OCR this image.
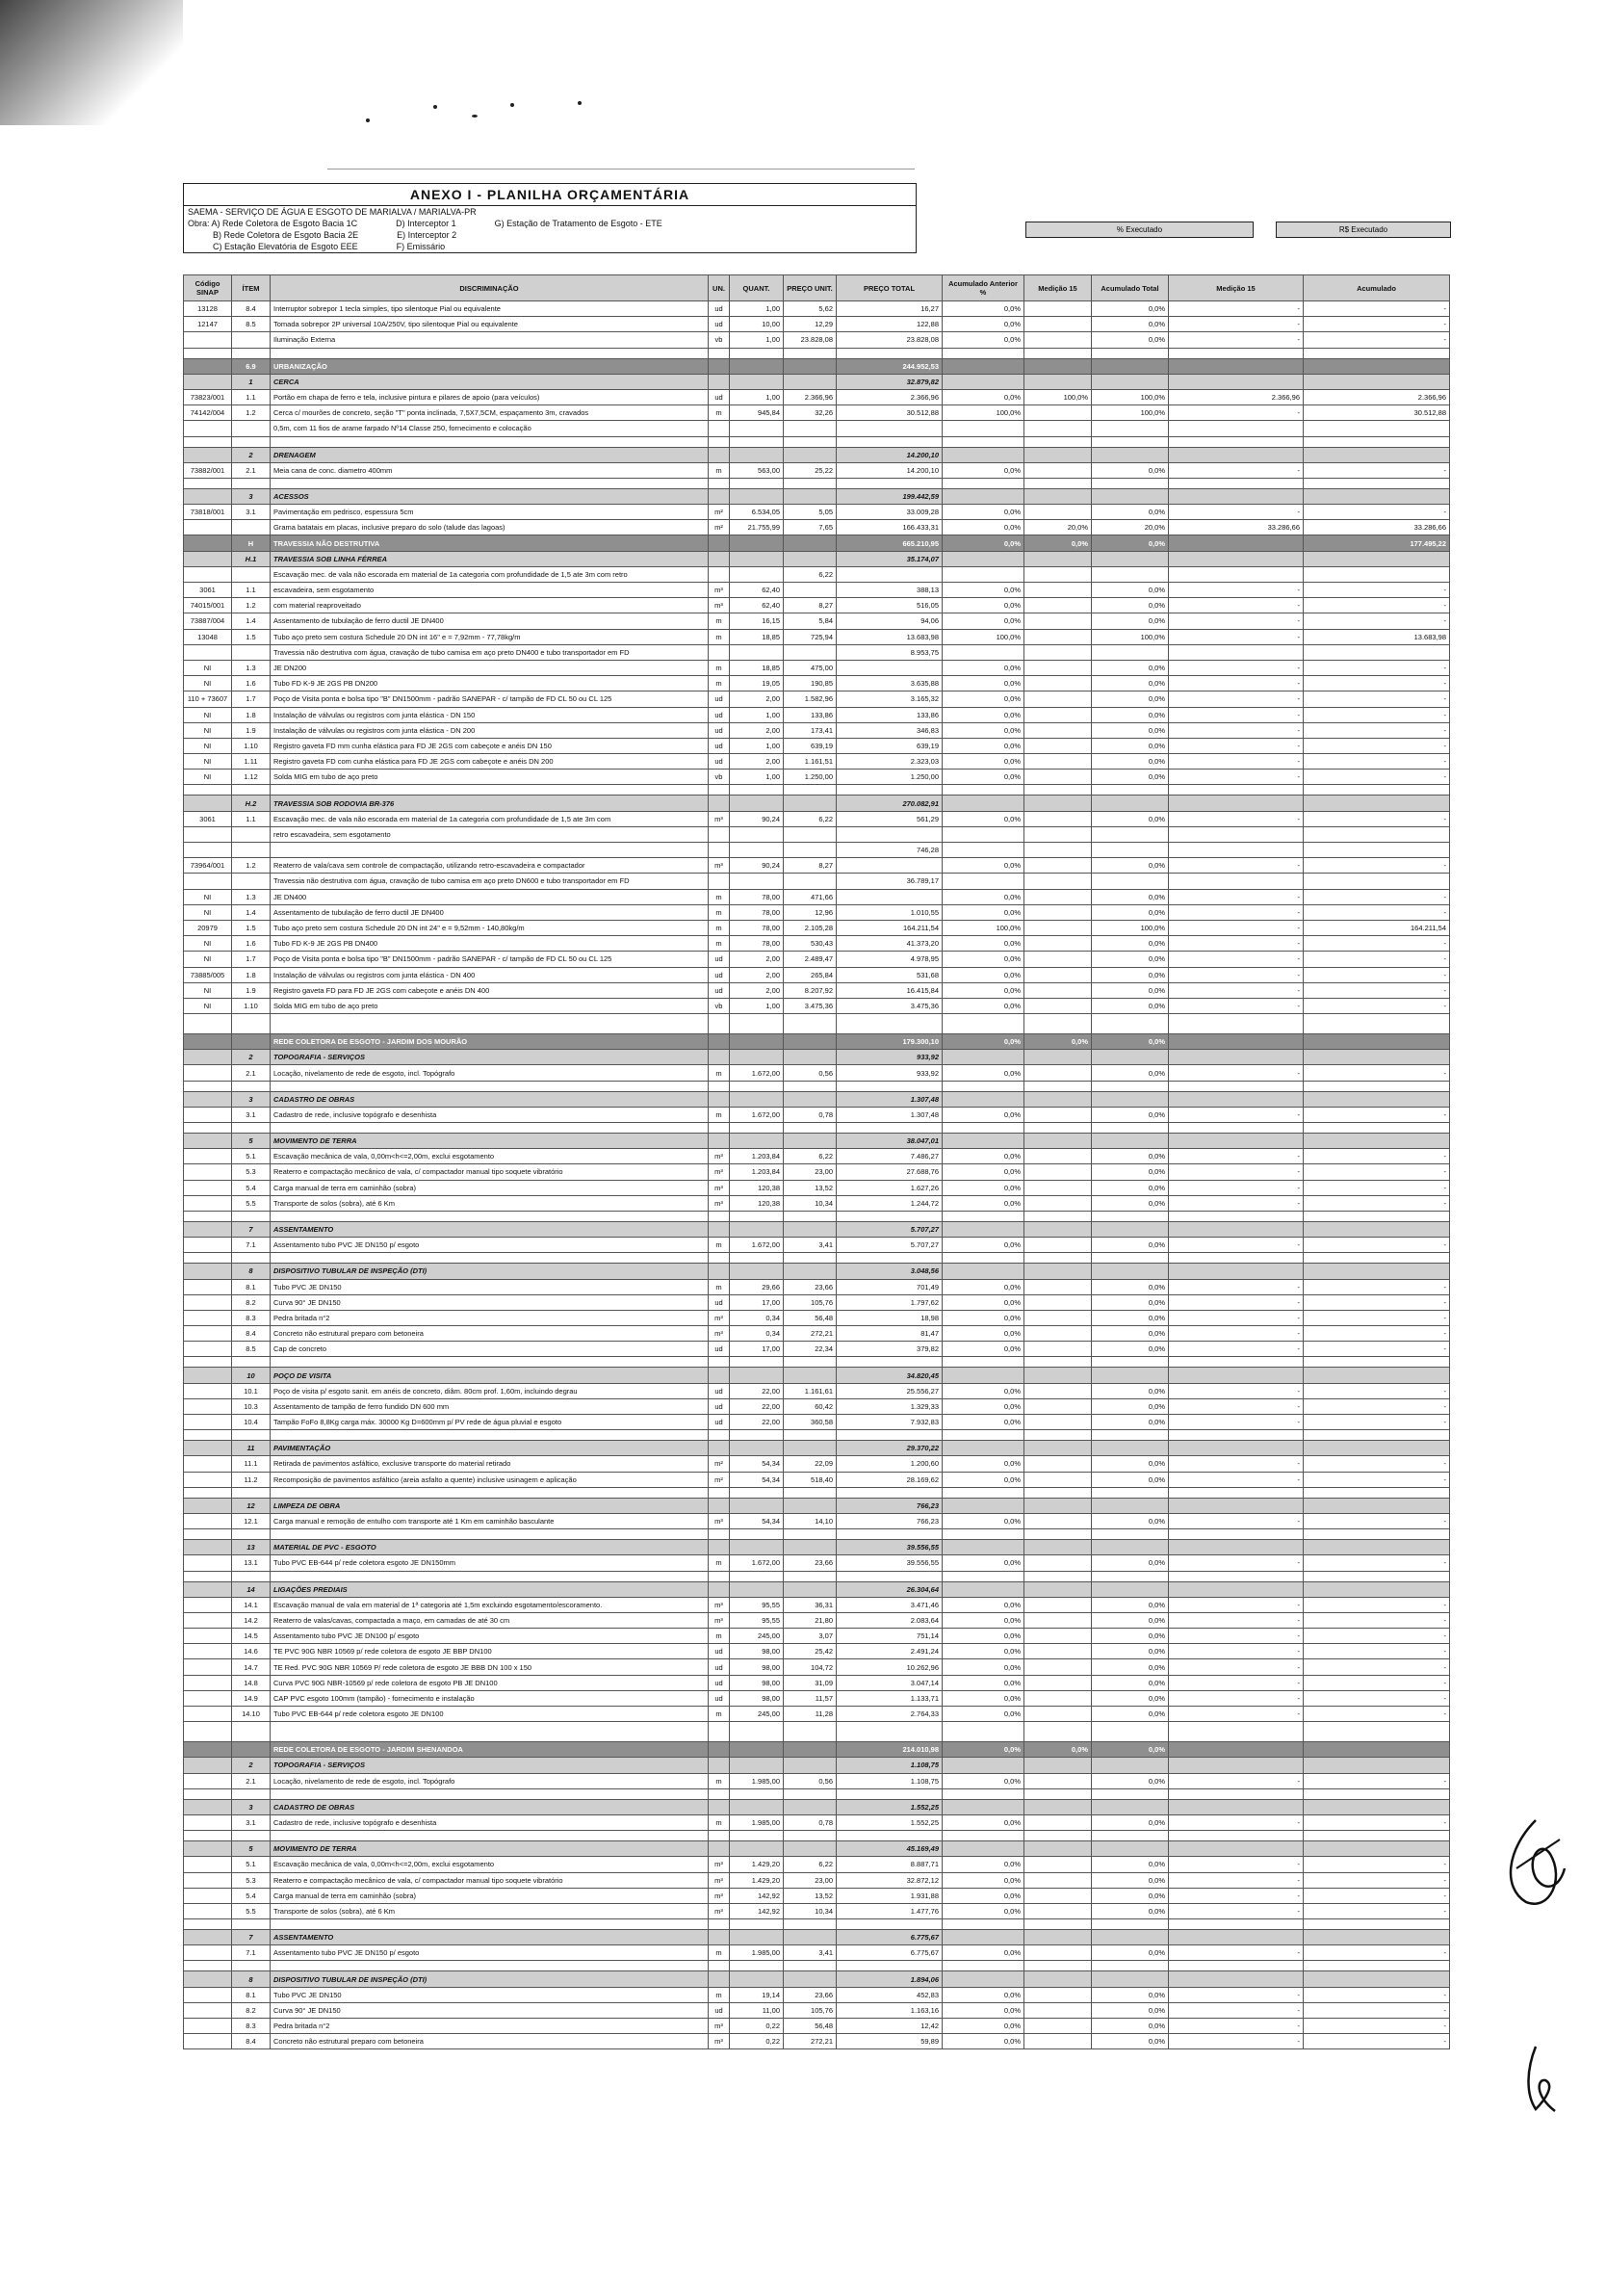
ANEXO I - PLANILHA ORÇAMENTÁRIA
SAEMA - SERVIÇO DE ÁGUA E ESGOTO DE MARIALVA / MARIALVA-PR
Obra: A) Rede Coletora de Esgoto Bacia 1C	D) Interceptor 1	G) Estação de Tratamento de Esgoto - ETE
B) Rede Coletora de Esgoto Bacia 2E	E) Interceptor 2
C) Estação Elevatória de Esgoto EEE	F) Emissário
% Executado	R$ Executado
Código SINAP	ÍTEM	DISCRIMINAÇÃO	UN.	QUANT.	PREÇO UNIT.	PREÇO TOTAL	Acumulado Anterior %	Medição 15	Acumulado Total	Medição 15	Acumulado
13128	8.4	Interruptor sobrepor 1 tecla simples, tipo silentoque Pial ou equivalente	ud	1,00	5,62	16,27	0,0%		0,0%	-	-
12147	8.5	Tomada sobrepor 2P universal 10A/250V, tipo silentoque Pial ou equivalente	ud	10,00	12,29	122,88	0,0%		0,0%	-	-
		Iluminação Externa	vb	1,00	23.828,08	23.828,08	0,0%		0,0%	-	-

	6.9	URBANIZAÇÃO				244.952,53					
	1	CERCA				32.879,82					
73823/001	1.1	Portão em chapa de ferro e tela, inclusive pintura e pilares de apoio (para veículos)	ud	1,00	2.366,96	2.366,96	0,0%	100,0%	100,0%	2.366,96	2.366,96
74142/004	1.2	Cerca c/ mourões de concreto, seção "T" ponta inclinada, 7,5X7,5CM, espaçamento 3m, cravados	m	945,84	32,26	30.512,88	100,0%		100,0%	-	30.512,88
		0,5m, com 11 fios de arame farpado Nº14 Classe 250, fornecimento e colocação									

	2	DRENAGEM				14.200,10					
73882/001	2.1	Meia cana de conc. diametro 400mm	m	563,00	25,22	14.200,10	0,0%		0,0%	-	-

	3	ACESSOS				199.442,59					
73818/001	3.1	Pavimentação em pedrisco, espessura 5cm	m²	6.534,05	5,05	33.009,28	0,0%		0,0%	-	-
		Grama batatais em placas, inclusive preparo do solo (talude das lagoas)	m²	21.755,99	7,65	166.433,31	0,0%	20,0%	20,0%	33.286,66	33.286,66
	H	TRAVESSIA NÃO DESTRUTIVA				665.210,95	0,0%	0,0%	0,0%		177.495,22
	H.1	TRAVESSIA SOB LINHA FÉRREA				35.174,07					
		Escavação mec. de vala não escorada em material de 1a categoria com profundidade de 1,5 ate 3m com retro			6,22						
3061	1.1	escavadeira, sem esgotamento	m³	62,40		388,13	0,0%		0,0%	-	-
74015/001	1.2	com material reaproveitado	m³	62,40	8,27	516,05	0,0%		0,0%	-	-
73887/004	1.4	Assentamento de tubulação de ferro ductil JE DN400	m	16,15	5,84	94,06	0,0%		0,0%	-	-
13048	1.5	Tubo aço preto sem costura Schedule 20 DN int 16" e = 7,92mm - 77,78kg/m	m	18,85	725,94	13.683,98	100,0%		100,0%	-	13.683,98
		Travessia não destrutiva com água, cravação de tubo camisa em aço preto DN400 e tubo transportador em FD				8.953,75					
NI	1.3	JE DN200	m	18,85	475,00		0,0%		0,0%	-	-
NI	1.6	Tubo FD K-9 JE 2GS PB DN200	m	19,05	190,85	3.635,88	0,0%		0,0%	-	-
110 + 73607	1.7	Poço de Visita ponta e bolsa tipo "B" DN1500mm - padrão SANEPAR - c/ tampão de FD CL 50 ou CL 125	ud	2,00	1.582,96	3.165,32	0,0%		0,0%	-	-
NI	1.8	Instalação de válvulas ou registros com junta elástica - DN 150	ud	1,00	133,86	133,86	0,0%		0,0%	-	-
NI	1.9	Instalação de válvulas ou registros com junta elástica - DN 200	ud	2,00	173,41	346,83	0,0%		0,0%	-	-
NI	1.10	Registro gaveta FD mm cunha elástica para FD JE 2GS com cabeçote e anéis DN 150	ud	1,00	639,19	639,19	0,0%		0,0%	-	-
NI	1.11	Registro gaveta FD com cunha elástica para FD JE 2GS com cabeçote e anéis DN 200	ud	2,00	1.161,51	2.323,03	0,0%		0,0%	-	-
NI	1.12	Solda MIG em tubo de aço preto	vb	1,00	1.250,00	1.250,00	0,0%		0,0%	-	-

	H.2	TRAVESSIA SOB RODOVIA BR-376				270.082,91					
3061	1.1	Escavação mec. de vala não escorada em material de 1a categoria com profundidade de 1,5 ate 3m com	m³	90,24	6,22	561,29	0,0%		0,0%	-	-
		retro escavadeira, sem esgotamento									
						746,28					
73964/001	1.2	Reaterro de vala/cava sem controle de compactação, utilizando retro-escavadeira e compactador	m³	90,24	8,27		0,0%		0,0%	-	-
		Travessia não destrutiva com água, cravação de tubo camisa em aço preto DN600 e tubo transportador em FD				36.789,17					
NI	1.3	JE DN400	m	78,00	471,66		0,0%		0,0%	-	-
NI	1.4	Assentamento de tubulação de ferro ductil JE DN400	m	78,00	12,96	1.010,55	0,0%		0,0%	-	-
20979	1.5	Tubo aço preto sem costura Schedule 20 DN int 24" e = 9,52mm - 140,80kg/m	m	78,00	2.105,28	164.211,54	100,0%		100,0%	-	164.211,54
NI	1.6	Tubo FD K-9 JE 2GS PB DN400	m	78,00	530,43	41.373,20	0,0%		0,0%	-	-
NI	1.7	Poço de Visita ponta e bolsa tipo "B" DN1500mm - padrão SANEPAR - c/ tampão de FD CL 50 ou CL 125	ud	2,00	2.489,47	4.978,95	0,0%		0,0%	-	-
73885/005	1.8	Instalação de válvulas ou registros com junta elástica - DN 400	ud	2,00	265,84	531,68	0,0%		0,0%	-	-
NI	1.9	Registro gaveta FD para FD JE 2GS com cabeçote e anéis DN 400	ud	2,00	8.207,92	16.415,84	0,0%		0,0%	-	-
NI	1.10	Solda MIG em tubo de aço preto	vb	1,00	3.475,36	3.475,36	0,0%		0,0%	-	-

		REDE COLETORA DE ESGOTO - JARDIM DOS MOURÃO				179.300,10	0,0%	0,0%	0,0%		
	2	TOPOGRAFIA - SERVIÇOS				933,92					
	2.1	Locação, nivelamento de rede de esgoto, incl. Topógrafo	m	1.672,00	0,56	933,92	0,0%		0,0%	-	-

	3	CADASTRO DE OBRAS				1.307,48					
	3.1	Cadastro de rede, inclusive topógrafo e desenhista	m	1.672,00	0,78	1.307,48	0,0%		0,0%	-	-

	5	MOVIMENTO DE TERRA				38.047,01					
	5.1	Escavação mecânica de vala, 0,00m<h<=2,00m, exclui esgotamento	m³	1.203,84	6,22	7.486,27	0,0%		0,0%	-	-
	5.3	Reaterro e compactação mecânico de vala, c/ compactador manual tipo soquete vibratório	m³	1.203,84	23,00	27.688,76	0,0%		0,0%	-	-
	5.4	Carga manual de terra em caminhão (sobra)	m³	120,38	13,52	1.627,26	0,0%		0,0%	-	-
	5.5	Transporte de solos (sobra), até 6 Km	m³	120,38	10,34	1.244,72	0,0%		0,0%	-	-

	7	ASSENTAMENTO				5.707,27					
	7.1	Assentamento tubo PVC JE DN150 p/ esgoto	m	1.672,00	3,41	5.707,27	0,0%		0,0%	-	-

	8	DISPOSITIVO TUBULAR DE INSPEÇÃO (DTI)				3.048,56					
	8.1	Tubo PVC JE DN150	m	29,66	23,66	701,49	0,0%		0,0%	-	-
	8.2	Curva 90° JE DN150	ud	17,00	105,76	1.797,62	0,0%		0,0%	-	-
	8.3	Pedra britada n°2	m³	0,34	56,48	18,98	0,0%		0,0%	-	-
	8.4	Concreto não estrutural preparo com betoneira	m³	0,34	272,21	81,47	0,0%		0,0%	-	-
	8.5	Cap de concreto	ud	17,00	22,34	379,82	0,0%		0,0%	-	-

	10	POÇO DE VISITA				34.820,45					
	10.1	Poço de visita p/ esgoto sanit. em anéis de concreto, diâm. 80cm prof. 1,60m, incluindo degrau	ud	22,00	1.161,61	25.556,27	0,0%		0,0%	-	-
	10.3	Assentamento de tampão de ferro fundido DN 600 mm	ud	22,00	60,42	1.329,33	0,0%		0,0%	-	-
	10.4	Tampão FoFo 8,8Kg carga máx. 30000 Kg D=600mm p/ PV rede de água pluvial e esgoto	ud	22,00	360,58	7.932,83	0,0%		0,0%	-	-

	11	PAVIMENTAÇÃO				29.370,22					
	11.1	Retirada de pavimentos asfáltico, exclusive transporte do material retirado	m²	54,34	22,09	1.200,60	0,0%		0,0%	-	-
	11.2	Recomposição de pavimentos asfáltico (areia asfalto a quente) inclusive usinagem e aplicação	m²	54,34	518,40	28.169,62	0,0%		0,0%	-	-

	12	LIMPEZA DE OBRA				766,23					
	12.1	Carga manual e remoção de entulho com transporte até 1 Km em caminhão basculante	m³	54,34	14,10	766,23	0,0%		0,0%	-	-

	13	MATERIAL DE PVC - ESGOTO				39.556,55					
	13.1	Tubo PVC EB-644 p/ rede coletora esgoto JE DN150mm	m	1.672,00	23,66	39.556,55	0,0%		0,0%	-	-

	14	LIGAÇÕES PREDIAIS				26.304,64					
	14.1	Escavação manual de vala em material de 1ª categoria até 1,5m excluindo esgotamento/escoramento.	m³	95,55	36,31	3.471,46	0,0%		0,0%	-	-
	14.2	Reaterro de valas/cavas, compactada a maço, em camadas de até 30 cm	m³	95,55	21,80	2.083,64	0,0%		0,0%	-	-
	14.5	Assentamento tubo PVC JE DN100 p/ esgoto	m	245,00	3,07	751,14	0,0%		0,0%	-	-
	14.6	TE PVC 90G NBR 10569 p/ rede coletora de esgoto JE BBP DN100	ud	98,00	25,42	2.491,24	0,0%		0,0%	-	-
	14.7	TE Red. PVC 90G NBR 10569 P/ rede coletora de esgoto JE BBB DN 100 x 150	ud	98,00	104,72	10.262,96	0,0%		0,0%	-	-
	14.8	Curva PVC 90G NBR-10569 p/ rede coletora de esgoto PB JE DN100	ud	98,00	31,09	3.047,14	0,0%		0,0%	-	-
	14.9	CAP PVC esgoto 100mm (tampão) - fornecimento e instalação	ud	98,00	11,57	1.133,71	0,0%		0,0%	-	-
	14.10	Tubo PVC EB-644 p/ rede coletora esgoto JE DN100	m	245,00	11,28	2.764,33	0,0%		0,0%	-	-

		REDE COLETORA DE ESGOTO - JARDIM SHENANDOA				214.010,98	0,0%	0,0%	0,0%		
	2	TOPOGRAFIA - SERVIÇOS				1.108,75					
	2.1	Locação, nivelamento de rede de esgoto, incl. Topógrafo	m	1.985,00	0,56	1.108,75	0,0%		0,0%	-	-

	3	CADASTRO DE OBRAS				1.552,25					
	3.1	Cadastro de rede, inclusive topógrafo e desenhista	m	1.985,00	0,78	1.552,25	0,0%		0,0%	-	-

	5	MOVIMENTO DE TERRA				45.169,49					
	5.1	Escavação mecânica de vala, 0,00m<h<=2,00m, exclui esgotamento	m³	1.429,20	6,22	8.887,71	0,0%		0,0%	-	-
	5.3	Reaterro e compactação mecânico de vala, c/ compactador manual tipo soquete vibratório	m³	1.429,20	23,00	32.872,12	0,0%		0,0%	-	-
	5.4	Carga manual de terra em caminhão (sobra)	m³	142,92	13,52	1.931,88	0,0%		0,0%	-	-
	5.5	Transporte de solos (sobra), até 6 Km	m³	142,92	10,34	1.477,76	0,0%		0,0%	-	-

	7	ASSENTAMENTO				6.775,67					
	7.1	Assentamento tubo PVC JE DN150 p/ esgoto	m	1.985,00	3,41	6.775,67	0,0%		0,0%	-	-

	8	DISPOSITIVO TUBULAR DE INSPEÇÃO (DTI)				1.894,06					
	8.1	Tubo PVC JE DN150	m	19,14	23,66	452,83	0,0%		0,0%	-	-
	8.2	Curva 90° JE DN150	ud	11,00	105,76	1.163,16	0,0%		0,0%	-	-
	8.3	Pedra britada n°2	m³	0,22	56,48	12,42	0,0%		0,0%	-	-
	8.4	Concreto não estrutural preparo com betoneira	m³	0,22	272,21	59,89	0,0%		0,0%	-	-
